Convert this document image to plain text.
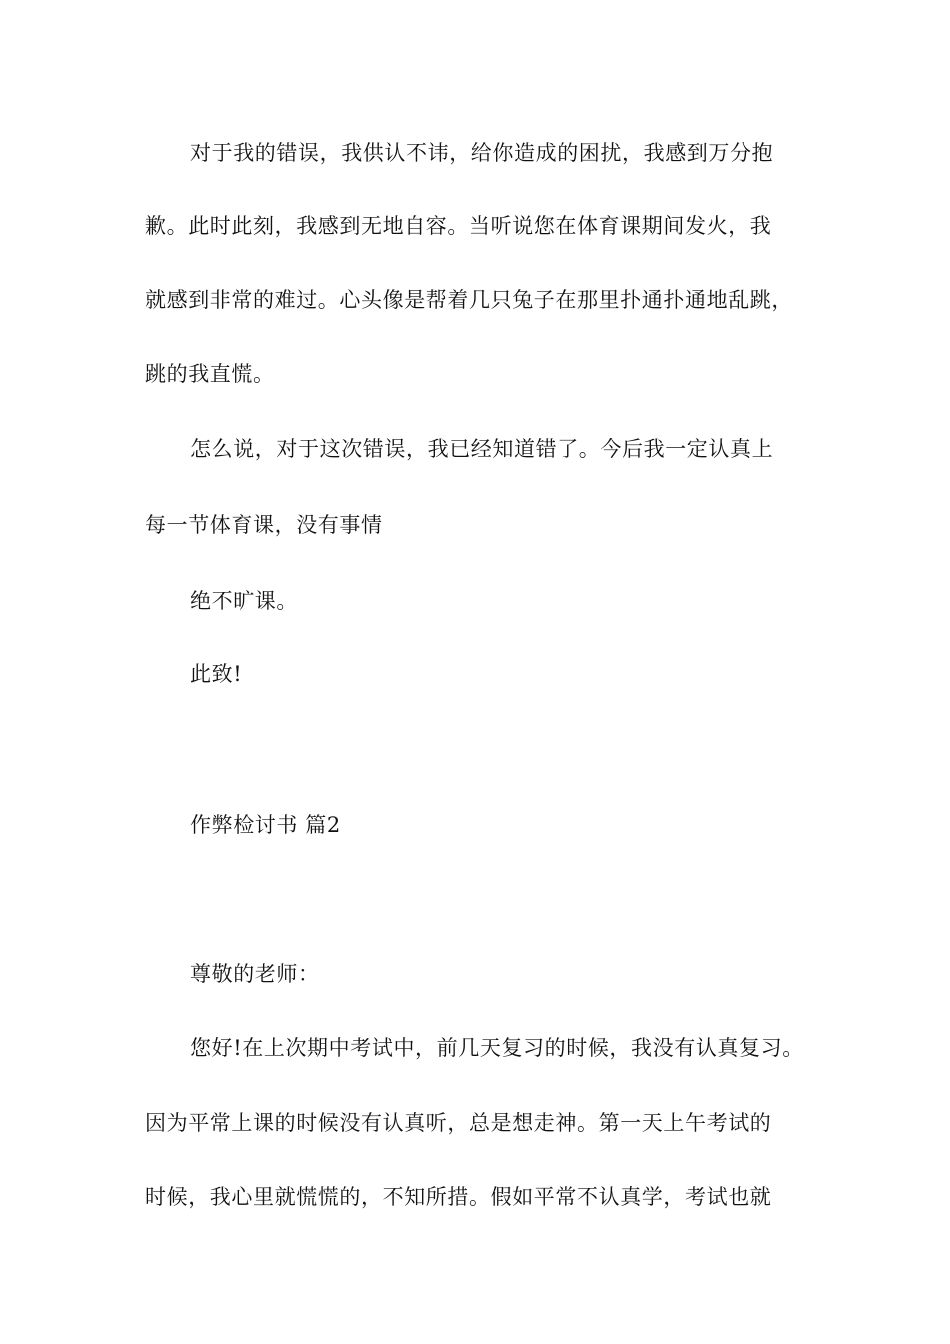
对于我的错误，我供认不讳，给你造成的困扰，我感到万分抱
歉。此时此刻，我感到无地自容。当听说您在体育课期间发火，我
就感到非常的难过。心头像是帮着几只兔子在那里扑通扑通地乱跳，
跳的我直慌。
怎么说，对于这次错误，我已经知道错了。今后我一定认真上
每一节体育课，没有事情
绝不旷课。
此致!
作弊检讨书 篇2
尊敬的老师：
您好!在上次期中考试中，前几天复习的时候，我没有认真复习。
因为平常上课的时候没有认真听，总是想走神。第一天上午考试的
时候，我心里就慌慌的，不知所措。假如平常不认真学，考试也就
